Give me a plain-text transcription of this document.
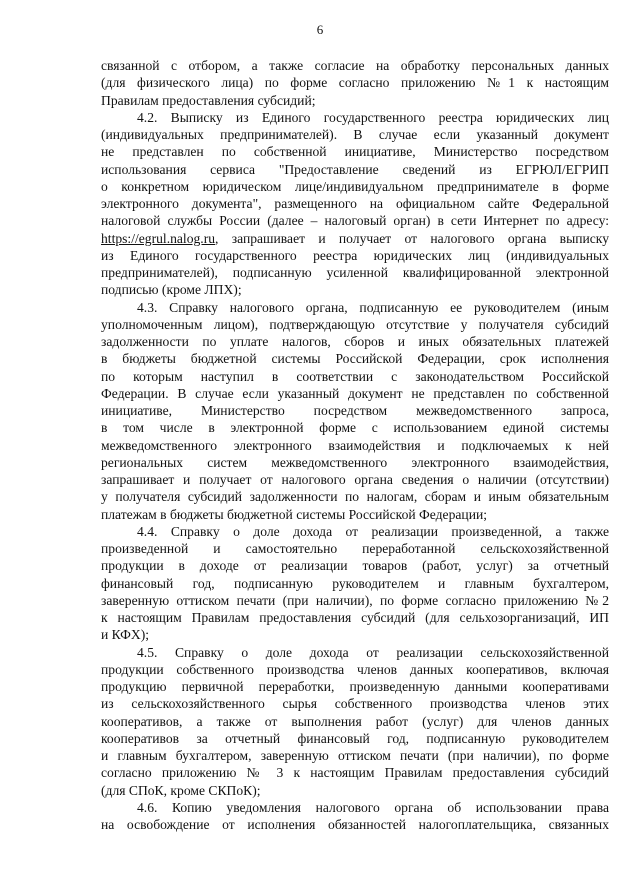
6
связанной с отбором, а также согласие на обработку персональных данных
(для физического лица) по форме согласно приложению №1 к настоящим
Правилам предоставления субсидий;
4.2. Выписку из Единого государственного реестра юридических лиц
(индивидуальных предпринимателей). В случае если указанный документ
не представлен по собственной инициативе, Министерство посредством
использования сервиса "Предоставление сведений из ЕГРЮЛ/ЕГРИП
о конкретном юридическом лице/индивидуальном предпринимателе в форме
электронного документа", размещенного на официальном сайте Федеральной
налоговой службы России (далее – налоговый орган) в сети Интернет по адресу:
https://egrul.nalog.ru, запрашивает и получает от налогового органа выписку
из Единого государственного реестра юридических лиц (индивидуальных
предпринимателей), подписанную усиленной квалифицированной электронной
подписью (кроме ЛПХ);
4.3. Справку налогового органа, подписанную ее руководителем (иным
уполномоченным лицом), подтверждающую отсутствие у получателя субсидий
задолженности по уплате налогов, сборов и иных обязательных платежей
в бюджеты бюджетной системы Российской Федерации, срок исполнения
по которым наступил в соответствии с законодательством Российской
Федерации. В случае если указанный документ не представлен по собственной
инициативе, Министерство посредством межведомственного запроса,
в том числе в электронной форме с использованием единой системы
межведомственного электронного взаимодействия и подключаемых к ней
региональных систем межведомственного электронного взаимодействия,
запрашивает и получает от налогового органа сведения о наличии (отсутствии)
у получателя субсидий задолженности по налогам, сборам и иным обязательным
платежам в бюджеты бюджетной системы Российской Федерации;
4.4. Справку о доле дохода от реализации произведенной, а также
произведенной и самостоятельно переработанной сельскохозяйственной
продукции в доходе от реализации товаров (работ, услуг) за отчетный
финансовый год, подписанную руководителем и главным бухгалтером,
заверенную оттиском печати (при наличии), по форме согласно приложению №2
к настоящим Правилам предоставления субсидий (для сельхозорганизаций, ИП
и КФХ);
4.5. Справку о доле дохода от реализации сельскохозяйственной
продукции собственного производства членов данных кооперативов, включая
продукцию первичной переработки, произведенную данными кооперативами
из сельскохозяйственного сырья собственного производства членов этих
кооперативов, а также от выполнения работ (услуг) для членов данных
кооперативов за отчетный финансовый год, подписанную руководителем
и главным бухгалтером, заверенную оттиском печати (при наличии), по форме
согласно приложению № 3 к настоящим Правилам предоставления субсидий
(для СПоК, кроме СКПоК);
4.6. Копию уведомления налогового органа об использовании права
на освобождение от исполнения обязанностей налогоплательщика, связанных
